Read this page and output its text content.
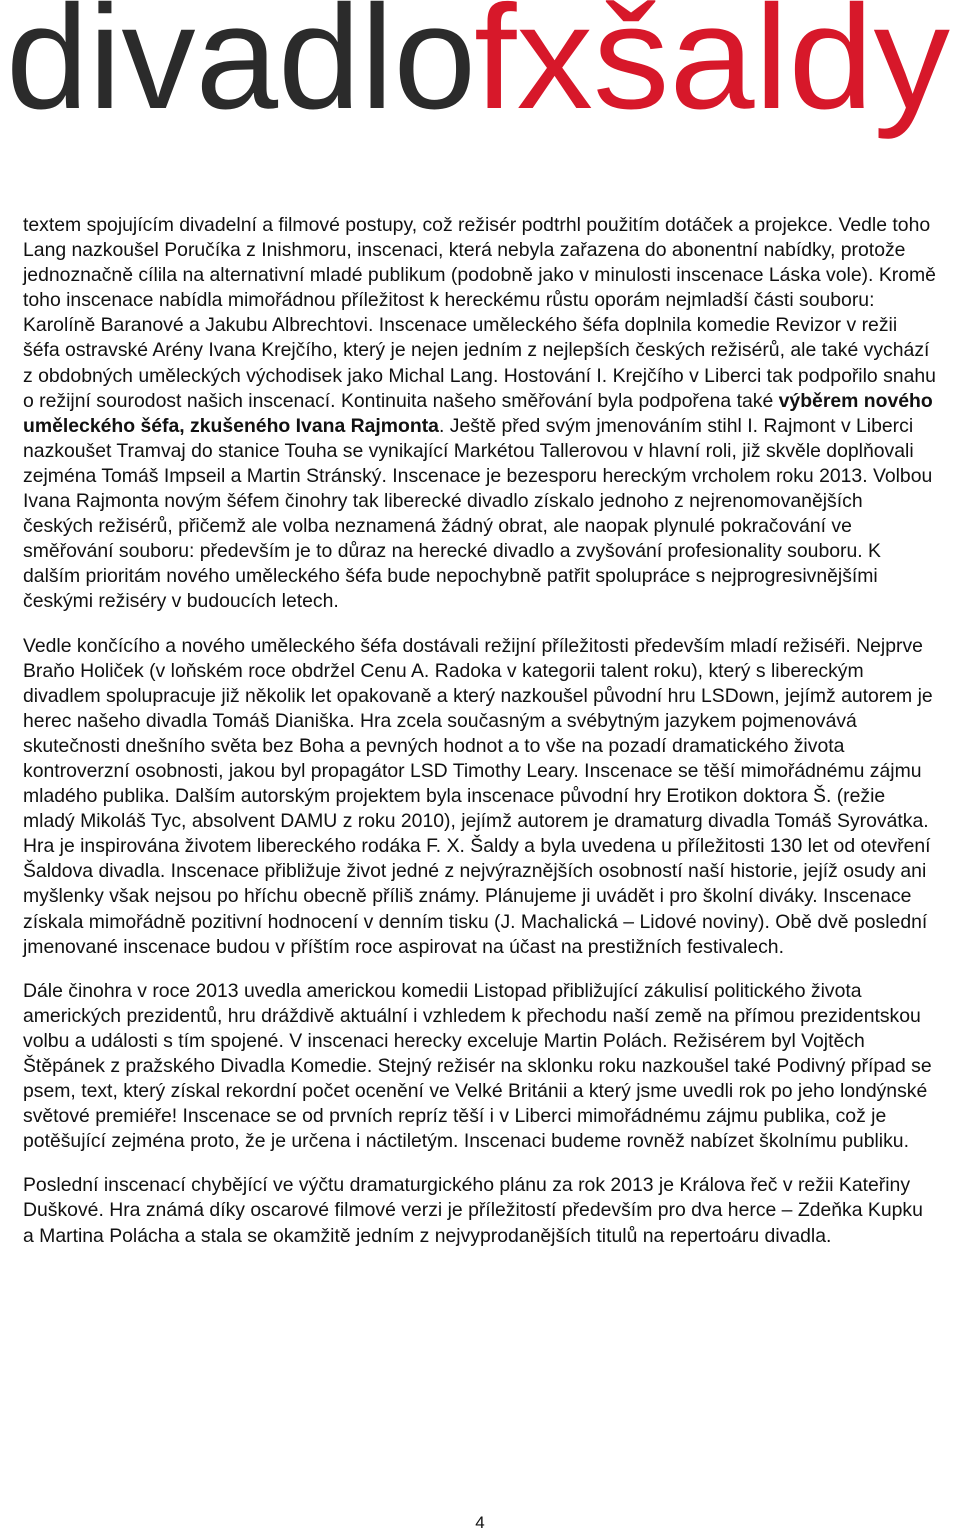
divadlo
fxšaldy

textem spojujícím divadelní a filmové postupy, což režisér podtrhl použitím dotáček a projekce. Vedle toho Lang nazkoušel Poručíka z Inishmoru, inscenaci, která nebyla zařazena do abonentní nabídky, protože jednoznačně cílila na alternativní mladé publikum (podobně jako v minulosti inscenace Láska vole). Kromě toho inscenace nabídla mimořádnou příležitost k hereckému růstu oporám nejmladší části souboru: Karolíně Baranové a Jakubu Albrechtovi. Inscenace uměleckého šéfa doplnila komedie Revizor v režii šéfa ostravské Arény Ivana Krejčího, který je nejen jedním z nejlepších českých režisérů, ale také vychází z obdobných uměleckých východisek jako Michal Lang. Hostování I. Krejčího v Liberci tak podpořilo snahu o režijní sourodost našich inscenací. Kontinuita našeho směřování byla podpořena také výběrem nového uměleckého šéfa, zkušeného Ivana Rajmonta. Ještě před svým jmenováním stihl I. Rajmont v Liberci nazkoušet Tramvaj do stanice Touha se vynikající Markétou Tallerovou v hlavní roli, již skvěle doplňovali zejména Tomáš Impseil a Martin Stránský. Inscenace je bezesporu hereckým vrcholem roku 2013. Volbou Ivana Rajmonta novým šéfem činohry tak liberecké divadlo získalo jednoho z nejrenomovanějších českých režisérů, přičemž ale volba neznamená žádný obrat, ale naopak plynulé pokračování ve směřování souboru: především je to důraz na herecké divadlo a zvyšování profesionality souboru. K dalším prioritám nového uměleckého šéfa bude nepochybně patřit spolupráce s nejprogresivnějšími českými režiséry v budoucích letech.

Vedle končícího a nového uměleckého šéfa dostávali režijní příležitosti především mladí režiséři. Nejprve Braňo Holiček (v loňském roce obdržel Cenu A. Radoka v kategorii talent roku), který s libereckým divadlem spolupracuje již několik let opakovaně a který nazkoušel původní hru LSDown, jejímž autorem je herec našeho divadla Tomáš Dianiška. Hra zcela současným a svébytným jazykem pojmenovává skutečnosti dnešního světa bez Boha a pevných hodnot a to vše na pozadí dramatického života kontroverzní osobnosti, jakou byl propagátor LSD Timothy Leary. Inscenace se těší mimořádnému zájmu mladého publika. Dalším autorským projektem byla inscenace původní hry Erotikon doktora Š. (režie mladý Mikoláš Tyc, absolvent DAMU z roku 2010), jejímž autorem je dramaturg divadla Tomáš Syrovátka. Hra je inspirována životem libereckého rodáka F. X. Šaldy a byla uvedena u příležitosti 130 let od otevření Šaldova divadla. Inscenace přibližuje život jedné z nejvýraznějších osobností naší historie, jejíž osudy ani myšlenky však nejsou po hříchu obecně příliš známy. Plánujeme ji uvádět i pro školní diváky. Inscenace získala mimořádně pozitivní hodnocení v denním tisku (J. Machalická – Lidové noviny). Obě dvě poslední jmenované inscenace budou v příštím roce aspirovat na účast na prestižních festivalech.

Dále činohra v roce 2013 uvedla americkou komedii Listopad přibližující zákulisí politického života amerických prezidentů, hru dráždivě aktuální i vzhledem k přechodu naší země na přímou prezidentskou volbu a události s tím spojené. V inscenaci herecky exceluje Martin Polách. Režisérem byl Vojtěch Štěpánek z pražského Divadla Komedie. Stejný režisér na sklonku roku nazkoušel také Podivný případ se psem, text, který získal rekordní počet ocenění ve Velké Británii a který jsme uvedli rok po jeho londýnské světové premiéře! Inscenace se od prvních repríz těší i v Liberci mimořádnému zájmu publika, což je potěšující zejména proto, že je určena i náctiletým. Inscenaci budeme rovněž nabízet školnímu publiku.

Poslední inscenací chybějící ve výčtu dramaturgického plánu za rok 2013 je Králova řeč v režii Kateřiny Duškové. Hra známá díky oscarové filmové verzi je příležitostí především pro dva herce – Zdeňka Kupku a Martina Polácha a stala se okamžitě jedním z nejvyprodanějších titulů na repertoáru divadla.

4
